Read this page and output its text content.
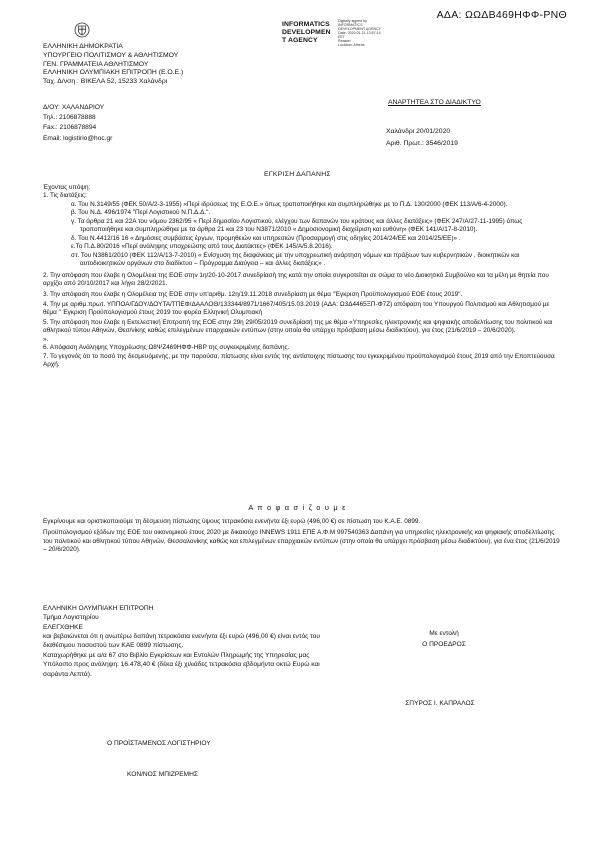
ΑΔΑ: ΩΩΔΒ469ΗΦΦ-ΡΝΘ
ΕΛΛΗΝΙΚΗ ΔΗΜΟΚΡΑΤΙΑ
ΥΠΟΥΡΓΕΙΟ ΠΟΛΙΤΙΣΜΟΥ & ΑΘΛΗΤΙΣΜΟΥ
ΓΕΝ. ΓΡΑΜΜΑΤΕΙΑ ΑΘΛΗΤΙΣΜΟΥ
ΕΛΛΗΝΙΚΗ ΟΛΥΜΠΙΑΚΗ ΕΠΙΤΡΟΠΗ (Ε.Ο.Ε.)
Ταχ. Δ/νση : ΒΙΚΕΛΑ 52, 15233 Χαλάνδρι
INFORMATICS
DEVELOPMEN
T AGENCY
Digitally signed by
INFORMATICS
DEVELOPMENT AGENCY
Date: 2020.01.21 13:57:14
EET
Reason:
Location: Athens
Δ/ΟΥ: ΧΑΛΑΝΔΡΙΟΥ
Τηλ.: 2106878888
Fax.: 2106878894
Email: logistirio@hoc.gr
ΑΝΑΡΤΗΤΕΑ ΣΤΟ ΔΙΑΔΙΚΤΥΟ
Χαλάνδρι 20/01/2020
Αριθ. Πρωτ.: 3546/2019
ΕΓΚΡΙΣΗ ΔΑΠΑΝΗΣ
Έχοντας υπόψη:
1. Τις διατάξεις:
α. Του Ν.3149/55 (ΦΕΚ 50/Α/2-3-1955) «Περί ιδρύσεως της Ε.Ο.Ε.» όπως τροποποιήθηκε και συμπληρώθηκε με το Π.Δ. 130/2000 (ΦΕΚ 113/Α/6-4-2000).
β. Του Ν.Δ. 496/1974 "Περί Λογιστικού Ν.Π.Δ.Δ.".
γ. Τα άρθρα 21 και 22Α του νόμου 2362/95 « Περί δημοσίου Λογιστικού, ελέγχου των δαπανών του κράτους και άλλες διατάξεις» (ΦΕΚ 247/Α/27-11-1995) όπως τροποποιήθηκε και συμπληρώθηκε με τα άρθρα 21 και 23 του Ν3871/2010 « Δημοσιονομική διαχείριση και ευθύνη» (ΦΕΚ 141/Α/17-8-2010).
δ. Του Ν.4412/16 16 « Δημόσιες συμβάσεις έργων, προμηθειών και υπηρεσιών (Προσαρμογή στις οδηγίες 2014/24/ΕΕ και 2014/25/ΕΕ)» .
ε.Το Π.Δ.80/2016 «Περί ανάληψης υποχρεώσης από τους Διατάκτες» (ΦΕΚ 145/Α/5.8.2016).
στ. Του Ν3861/2010 (ΦΕΚ 112/Α/13-7-2010) « Ενίσχυση της διαφάνειας με την υποχρεωτική ανάρτηση νόμων και πράξεων των κυβερνητικών , διοικητικών και αυτοδιοικητικών οργάνων στο διαδίκτυο – Πρόγραμμα Διαύγεια – και άλλες διατάξεις» .
2. Την απόφαση που έλαβε η Ολομέλεια της ΕΟΕ στην 1η/20-10-2017 συνεδρίασή της κατά την οποία συγκροτείται σε σώμα το νέο Διοικητικό Συμβούλιο και τα μέλη με θητεία που αρχίζει από 20/10/2017 και λήγει 28/2/2021.
3. Την απόφαση που έλαβε η Ολομέλεια της ΕΟΕ στην υπ'αριθμ. 12η/19.11.2018 συνεδρίαση με θέμα "Έγκριση Προϋπολογισμού ΕΟΕ έτους 2019".
4. Την με αριθμ.πρωτ. ΥΠΠΟΑ/ΓΔΟΥ/ΔΟΥΤΑ/ΤΠΕΦ/ΔΑΑΛΟΘ/133344/8971/1667/405/15.03.2019 (ΑΔΑ: Ω3Δ4465ΞΠ-Φ7Ζ) απόφαση του Υπουργού Πολιτισμού και Αθλητισμού με θέμα " Έγκριση Προϋπολογισμού έτους 2019 του φορέα Ελληνική Ολυμπιακή
5. Την απόφαση που έλαβε η Εκτελεστική Επιτροπή της ΕΟΕ στην 29η 29/05/2019 συνεδρίασή της με θέμα «Υπηρεσίες ηλεκτρονικής και ψηφιακής αποδελτίωσης του πολιτικού και αθλητικού τύπου Αθηνών, Θεσ/νίκης καθώς επιλεγμένων επαρχιακών εντύπων (στην οποία θα υπάρχει πρόσβαση μέσω διαδικτύου), για έτος (21/6/2019 – 20/6/2020).
».
6. Απόφαση Ανάληψης Υποχρέωσης Ω8ΨΖ469ΗΦΦ-ΗΒΡ της συγκεκριμένης δαπάνης.
7. Το γεγονός ότι το ποσό της δεσμευόμενης, με την παρούσα, πίστωσης είναι εντός της αντίστοιχης πίστωσης του εγκεκριμένου προϋπολογισμού έτους 2019 από την Εποπτεύουσα Αρχή.
Α π ο φ α σ ί ζ ο υ μ ε
Εγκρίνουμε και οριστικοποιούμε τη δέσμευση πίστωσης ύψους τετρακόσια ενενήντα έξι ευρώ (496,00 €) σε πίστωση του Κ.Α.Ε. 0899.
Προϋπολογισμού εξόδων της ΕΟΕ του οικονομικού έτους 2020 με δικαιούχο INNEWS 1911 ΕΠΕ Α.Φ.Μ 997540363 Δαπάνη για υπηρεσίες ηλεκτρονικής και ψηφιακής αποδελτίωσης του πολιτικού και αθλητικού τύπου Αθηνών, Θεσσαλονίκης καθώς και επιλεγμένων επαρχιακών εντύπων (στην οποία θα υπάρχει πρόσβαση μέσω διαδικτύου), για ένα έτος (21/6/2019 – 20/6/2020).
ΕΛΛΗΝΙΚΗ ΟΛΥΜΠΙΑΚΗ ΕΠΙΤΡΟΠΗ
Τμήμα Λογιστηρίου
ΕΛΕΓΧΘΗΚΕ
και βεβαιώνεται ότι η ανωτέρω δαπάνη τετρακόσια ενενήντα έξι ευρώ (496,00 €) είναι εντός του διαθέσιμου ποσοστού των ΚΑΕ 0899 πίστωσης.
Καταχωρήθηκε με α/α 67 στο Βιβλίο Εγκρίσεων και Εντολών Πληρωμής της Υπηρεσίας μας
Υπόλοιπο προς ανάληψη: 16.478,40 € (δέκα έξι χιλιάδες τετρακόσια εβδομήντα οκτώ Ευρώ και σαράντα Λεπτά).
Ο ΠΡΟΪΣΤΑΜΕΝΟΣ ΛΟΓΙΣΤΗΡΙΟΥ
ΚΟΝ/ΝΟΣ ΜΠΙΖΡΕΜΗΣ
Με εντολή
Ο ΠΡΟΕΔΡΟΣ
ΣΠΥΡΟΣ Ι. ΚΑΠΡΑΛΟΣ
